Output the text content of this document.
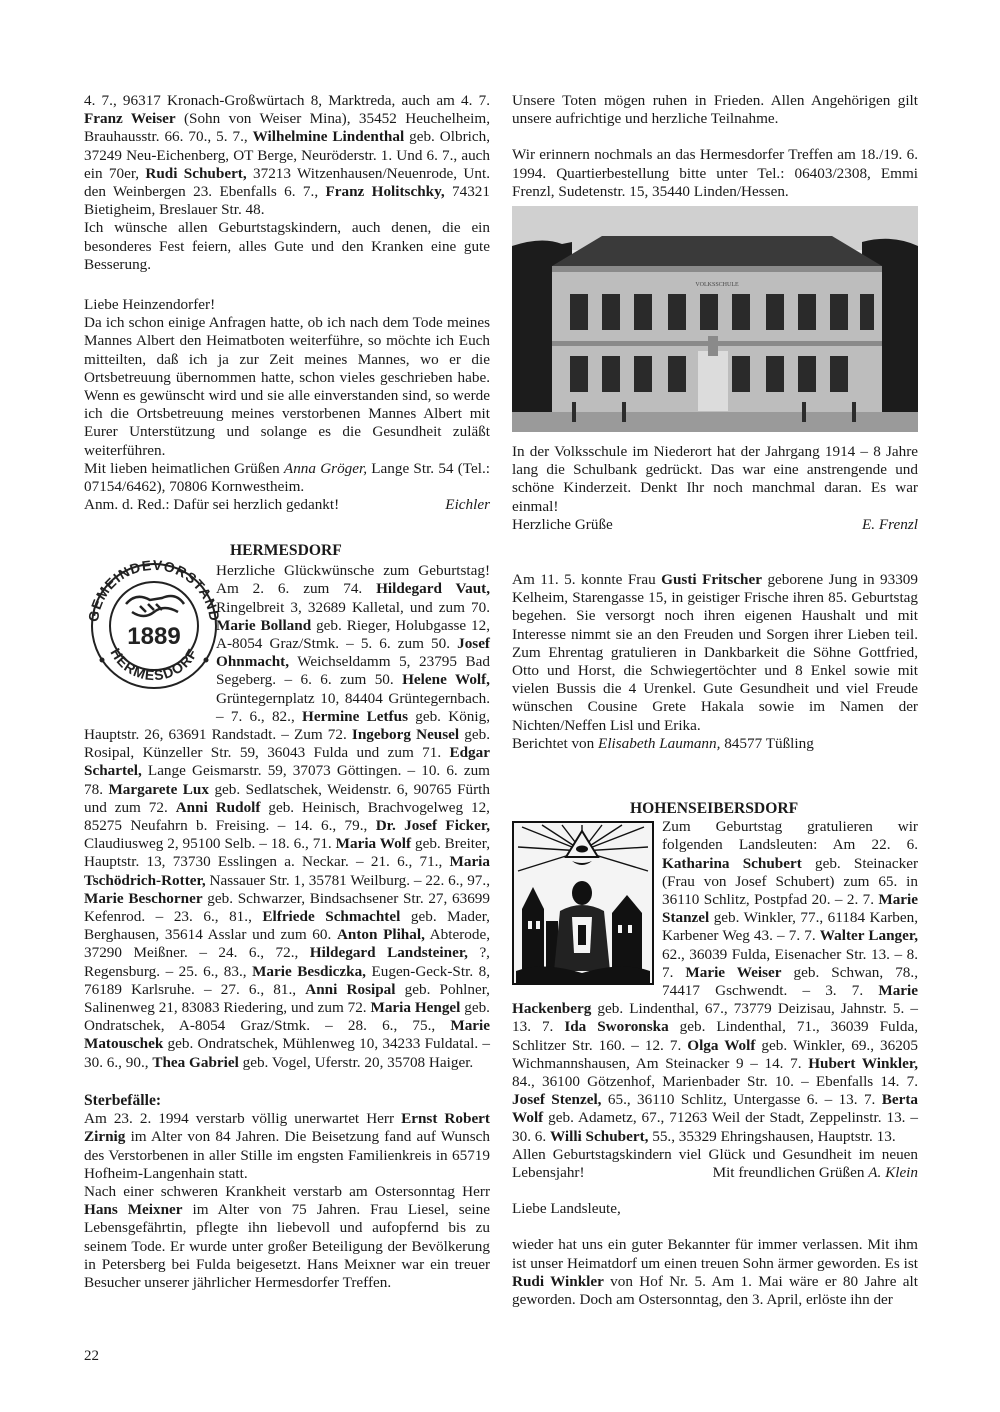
4. 7., 96317 Kronach-Großwürtach 8, Marktreda, auch am 4. 7. Franz Weiser (Sohn von Weiser Mina), 35452 Heuchelheim, Brauhausstr. 66. 70., 5. 7., Wilhelmine Lindenthal geb. Olbrich, 37249 Neu-Eichenberg, OT Berge, Neuröderstr. 1. Und 6. 7., auch ein 70er, Rudi Schubert, 37213 Witzenhausen/Neuenrode, Unt. den Weinbergen 23. Ebenfalls 6. 7., Franz Holitschky, 74321 Bietigheim, Breslauer Str. 48.

Ich wünsche allen Geburtstagskindern, auch denen, die ein besonderes Fest feiern, alles Gute und den Kranken eine gute Besserung.

Liebe Heinzendorfer!

Da ich schon einige Anfragen hatte, ob ich nach dem Tode meines Mannes Albert den Heimatboten weiterführe, so möchte ich Euch mitteilten, daß ich ja zur Zeit meines Mannes, wo er die Ortsbetreuung übernommen hatte, schon vieles geschrieben habe. Wenn es gewünscht wird und sie alle einverstanden sind, so werde ich die Ortsbetreuung meines verstorbenen Mannes Albert mit Eurer Unterstützung und solange es die Gesundheit zuläßt weiterführen.

Mit lieben heimatlichen Grüßen Anna Gröger, Lange Str. 54 (Tel.: 07154/6462), 70806 Kornwestheim.

Anm. d. Red.: Dafür sei herzlich gedankt!	Eichler

GEMEINDEVORSTAND
HERMESDORF
1889
HERMESDORF

Herzliche Glückwünsche zum Geburtstag! Am 2. 6. zum 74. Hildegard Vaut, Ringelbreit 3, 32689 Kalletal, und zum 70. Marie Bolland geb. Rieger, Holubgasse 12, A-8054 Graz/Stmk. – 5. 6. zum 50. Josef Ohnmacht, Weichseldamm 5, 23795 Bad Segeberg. – 6. 6. zum 50. Helene Wolf, Grüntegernplatz 10, 84404 Grüntegernbach. – 7. 6., 82., Hermine Letfus geb. König, Hauptstr. 26, 63691 Randstadt. – Zum 72. Ingeborg Neusel geb. Rosipal, Künzeller Str. 59, 36043 Fulda und zum 71. Edgar Schartel, Lange Geismarstr. 59, 37073 Göttingen. – 10. 6. zum 78. Margarete Lux geb. Sedlatschek, Weidenstr. 6, 90765 Fürth und zum 72. Anni Rudolf geb. Heinisch, Brachvogelweg 12, 85275 Neufahrn b. Freising. – 14. 6., 79., Dr. Josef Ficker, Claudiusweg 2, 95100 Selb. – 18. 6., 71. Maria Wolf geb. Breiter, Hauptstr. 13, 73730 Esslingen a. Neckar. – 21. 6., 71., Maria Tschödrich-Rotter, Nassauer Str. 1, 35781 Weilburg. – 22. 6., 97., Marie Beschorner geb. Schwarzer, Bindsachsener Str. 27, 63699 Kefenrod. – 23. 6., 81., Elfriede Schmachtel geb. Mader, Berghausen, 35614 Asslar und zum 60. Anton Plihal, Abterode, 37290 Meißner. – 24. 6., 72., Hildegard Landsteiner, ?, Regensburg. – 25. 6., 83., Marie Besdiczka, Eugen-Geck-Str. 8, 76189 Karlsruhe. – 27. 6., 81., Anni Rosipal geb. Pohlner, Salinenweg 21, 83083 Riedering, und zum 72. Maria Hengel geb. Ondratschek, A-8054 Graz/Stmk. – 28. 6., 75., Marie Matouschek geb. Ondratschek, Mühlenweg 10, 34233 Fuldatal. – 30. 6., 90., Thea Gabriel geb. Vogel, Uferstr. 20, 35708 Haiger.

Sterbefälle:

Am 23. 2. 1994 verstarb völlig unerwartet Herr Ernst Robert Zirnig im Alter von 84 Jahren. Die Beisetzung fand auf Wunsch des Verstorbenen in aller Stille im engsten Familienkreis in 65719 Hofheim-Langenhain statt.

Nach einer schweren Krankheit verstarb am Ostersonntag Herr Hans Meixner im Alter von 75 Jahren. Frau Liesel, seine Lebensgefährtin, pflegte ihn liebevoll und aufopfernd bis zu seinem Tode. Er wurde unter großer Beteiligung der Bevölkerung in Petersberg bei Fulda beigesetzt. Hans Meixner war ein treuer Besucher unserer jährlicher Hermesdorfer Treffen.

Unsere Toten mögen ruhen in Frieden. Allen Angehörigen gilt unsere aufrichtige und herzliche Teilnahme.

Wir erinnern nochmals an das Hermesdorfer Treffen am 18./19. 6. 1994. Quartierbestellung bitte unter Tel.: 06403/2308, Emmi Frenzl, Sudetenstr. 15, 35440 Linden/Hessen.

VOLKSSCHULE

In der Volksschule im Niederort hat der Jahrgang 1914 – 8 Jahre lang die Schulbank gedrückt. Das war eine anstrengende und schöne Kinderzeit. Denkt Ihr noch manchmal daran. Es war einmal!

Herzliche Grüße	E. Frenzl

Am 11. 5. konnte Frau Gusti Fritscher geborene Jung in 93309 Kelheim, Starengasse 15, in geistiger Frische ihren 85. Geburtstag begehen. Sie versorgt noch ihren eigenen Haushalt und mit Interesse nimmt sie an den Freuden und Sorgen ihrer Lieben teil. Zum Ehrentag gratulieren in Dankbarkeit die Söhne Gottfried, Otto und Horst, die Schwiegertöchter und 8 Enkel sowie mit vielen Bussis die 4 Urenkel. Gute Gesundheit und viel Freude wünschen Cousine Grete Hakala sowie im Namen der Nichten/Neffen Lisl und Erika.

Berichtet von Elisabeth Laumann, 84577 Tüßling

HOHENSEIBERSDORF

Zum Geburtstag gratulieren wir folgenden Landsleuten: Am 22. 6. Katharina Schubert geb. Steinacker (Frau von Josef Schubert) zum 65. in 36110 Schlitz, Postpfad 20. – 2. 7. Marie Stanzel geb. Winkler, 77., 61184 Karben, Karbener Weg 43. – 7. 7. Walter Langer, 62., 36039 Fulda, Eisenacher Str. 13. – 8. 7. Marie Weiser geb. Schwan, 78., 74417 Gschwendt. – 3. 7. Marie Hackenberg geb. Lindenthal, 67., 73779 Deizisau, Jahnstr. 5. – 13. 7. Ida Sworonska geb. Lindenthal, 71., 36039 Fulda, Schlitzer Str. 160. – 12. 7. Olga Wolf geb. Winkler, 69., 36205 Wichmannshausen, Am Steinacker 9 – 14. 7. Hubert Winkler, 84., 36100 Götzenhof, Marienbader Str. 10. – Ebenfalls 14. 7. Josef Stenzel, 65., 36110 Schlitz, Untergasse 6. – 13. 7. Berta Wolf geb. Adametz, 67., 71263 Weil der Stadt, Zeppelinstr. 13. – 30. 6. Willi Schubert, 55., 35329 Ehringshausen, Hauptstr. 13.

Allen Geburtstagskindern viel Glück und Gesundheit im neuen Lebensjahr!	Mit freundlichen Grüßen A. Klein

Liebe Landsleute,

wieder hat uns ein guter Bekannter für immer verlassen. Mit ihm ist unser Heimatdorf um einen treuen Sohn ärmer geworden. Es ist Rudi Winkler von Hof Nr. 5. Am 1. Mai wäre er 80 Jahre alt geworden. Doch am Ostersonntag, den 3. April, erlöste ihn der

22
